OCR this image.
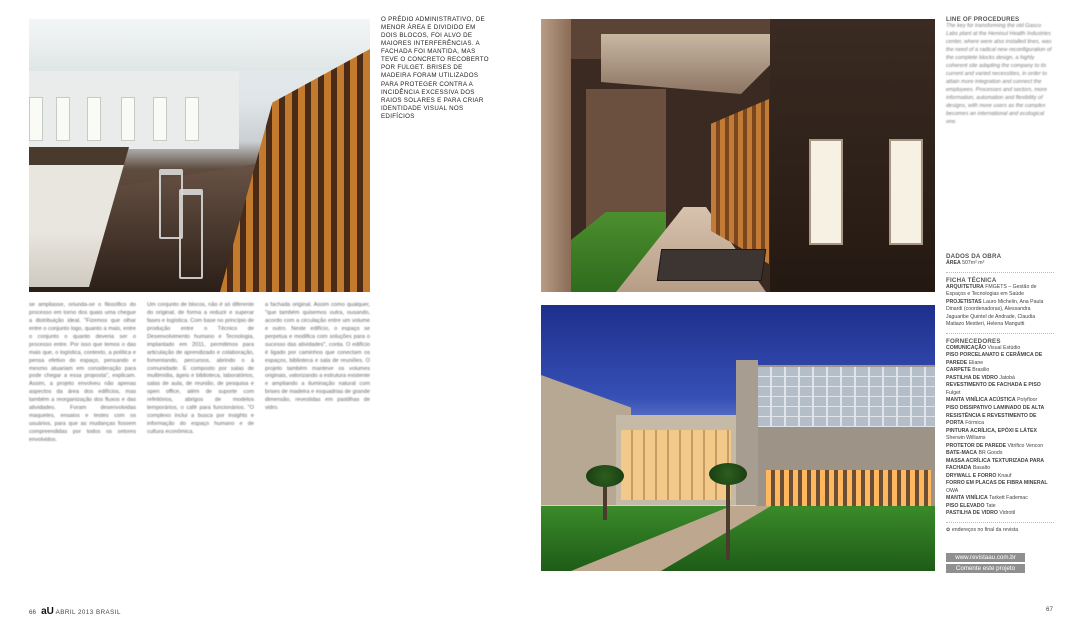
O PRÉDIO ADMINISTRATIVO, DE MENOR ÁREA E DIVIDIDO EM DOIS BLOCOS, FOI ALVO DE MAIORES INTERFERÊNCIAS. A FACHADA FOI MANTIDA, MAS TEVE O CONCRETO RECOBERTO POR FULGET. BRISES DE MADEIRA FORAM UTILIZADOS PARA PROTEGER CONTRA A INCIDÊNCIA EXCESSIVA DOS RAIOS SOLARES E PARA CRIAR IDENTIDADE VISUAL NOS EDIFÍCIOS
se ampliasse, oriunda-se o filosófico do processo em torno dos quais uma chegue a distribuição ideal. "Fizemos que olhar entre o conjunto logo, quanto a mais, entre o conjunto o quanto deveria ser o processo entre. Por isso que temos o das mais que, o logística, contexto, a política e pensa efetivo do espaço, pensando e mesmo atuariam em consideração para pode chegar a essa proposta", explicam. Assim, a projeto envolveu não apenas aspectos da área dos edifícios, mas também a reorganização dos fluxos e das atividades. Foram desenvolvidas maquetes, ensaios e testes com os usuários, para que as mudanças fossem compreendidas por todos os setores envolvidos.
Um conjunto de blocos, não é só diferente do original, de forma a reduzir e superar fases e logística. Com base no princípio de produção entre o Técnico de Desenvolvimento humano e Tecnologia, implantado em 2011, permitimos para articulação de aprendizado e colaboração, fomentando, percursos, abrindo o à comunidade. E composto por salas de multimídia, ágeis e biblioteca, laboratórios, salas de aula, de reunião, de pesquisa e open office, além de suporte com refeitórios, abrigos de modelos temporários, o café para funcionários. "O complexo inclui a busca por insights e informação do espaço humano e de cultura econômica.
a fachada original. Assim como qualquer, "que também quisemos outra, ousando, acordo com a circulação entre um volume e outro. Neste edifício, o espaço se perpetua e modifica com soluções para o sucesso das atividades", conta. O edifício é ligado por caminhos que conectam os espaços, biblioteca e sala de reuniões. O projeto também manteve os volumes originais, valorizando a estrutura existente e ampliando a iluminação natural com brises de madeira e esquadrias de grande dimensão, revestidas em pastilhas de vidro.
LINE OF PROCEDURES
The key for transforming the old Gasco Labs plant at the Hemisul Health Industries center, where were also installed lines, was the need of a radical new reconfiguration of the complete blocks design, a highly coherent site adapting the company to its current and varied necessities, in order to attain more integration and connect the employees. Processes and sectors, more information, automation and flexibility of designs, with more users as the complex becomes an international and ecological one.
DADOS DA OBRA
ÁREA 507m² m²
FICHA TÉCNICA
ARQUITETURA FMGETS – Gestão de Espaços e Tecnologias em Saúde
PROJETISTAS Lauro Michelin, Ana Paula Dinardi (coordenadoras), Alessandra Jaguaribe Quintel de Andrade, Claudia Matiazo Mestieri, Helena Mangutti
FORNECEDORES
COMUNICAÇÃO Visual Estúdio
PISO PORCELANATO E CERÂMICA DE PAREDE Eliane
CARPETE Brasilio
PASTILHA DE VIDRO Jatobá
REVESTIMENTO DE FACHADA E PISO Fulget
MANTA VINÍLICA ACÚSTICA Polyfloor
PISO DISSIPATIVO LAMINADO DE ALTA RESISTÊNCIA E REVESTIMENTO DE PORTA Fórmica
PINTURA ACRÍLICA, EPÓXI E LÁTEX Sherwin Williams
PROTETOR DE PAREDE Vitrifico Vencon
BATE-MACA BR Goods
MASSA ACRÍLICA TEXTURIZADA PARA FACHADA Basalto
DRYWALL E FORRO Knauf
FORRO EM PLACAS DE FIBRA MINERAL OWA
MANTA VINÍLICA Tarkett Fademac
PISO ELEVADO Tate
PASTILHA DE VIDRO Vidrotil
✿ endereços no final da revista
www.revistaau.com.br
Comente este projeto
66 aU ABRIL 2013 BRASIL	67
